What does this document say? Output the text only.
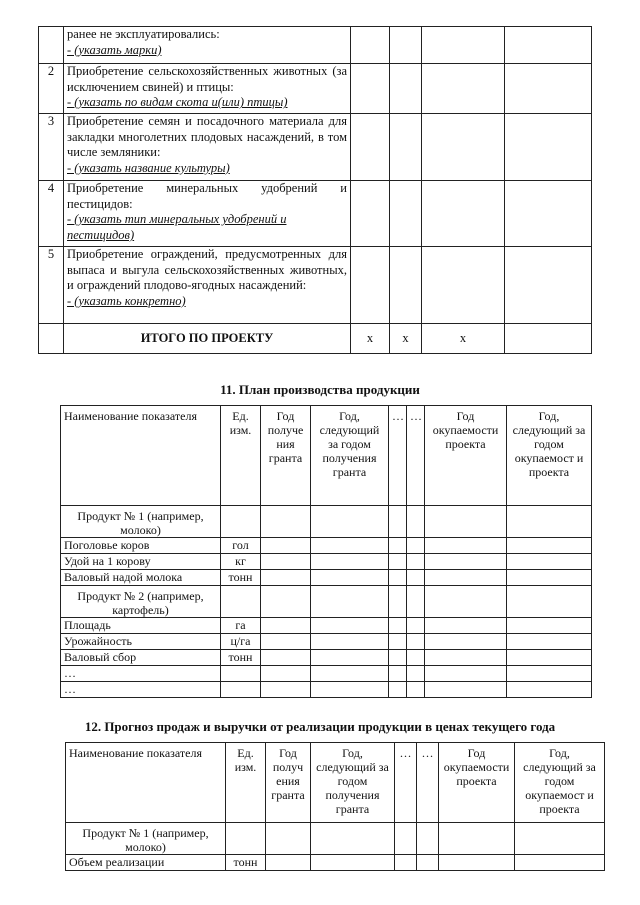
	ранее не эксплуатировались:
- (указать марки)				

2	Приобретение сельскохозяйственных животных (за исключением свиней) и птицы:
- (указать по видам скота и(или) птицы)				

3	Приобретение семян и посадочного материала для закладки многолетних плодовых насаждений, в том числе земляники:
- (указать название культуры)				

4	Приобретение минеральных удобрений и пестицидов:
- (указать тип минеральных удобрений и пестицидов)				

5	Приобретение ограждений, предусмотренных для выпаса и выгула сельскохозяйственных животных, и ограждений плодово-ягодных насаждений:
- (указать конкретно)				

	ИТОГО ПО ПРОЕКТУ	x	x	x	
11. План производства продукции
Наименование показателя	Ед. изм.	Год получе ния гранта	Год, следующий за годом получения гранта	…	…	Год окупаемости проекта	Год, следующий за годом окупаемост и проекта
Продукт № 1 (например, молоко)							
Поголовье коров	гол						
Удой на 1 корову	кг						
Валовый надой молока	тонн						
Продукт № 2 (например, картофель)							
Площадь	га						
Урожайность	ц/га						
Валовый сбор	тонн						
…							
…							
12. Прогноз продаж и выручки от реализации продукции в ценах текущего года
Наименование показателя	Ед. изм.	Год получ ения гранта	Год, следующий за годом получения гранта	…	…	Год окупаемости проекта	Год, следующий за годом окупаемост и проекта
Продукт № 1 (например, молоко)							
Объем реализации	тонн						
